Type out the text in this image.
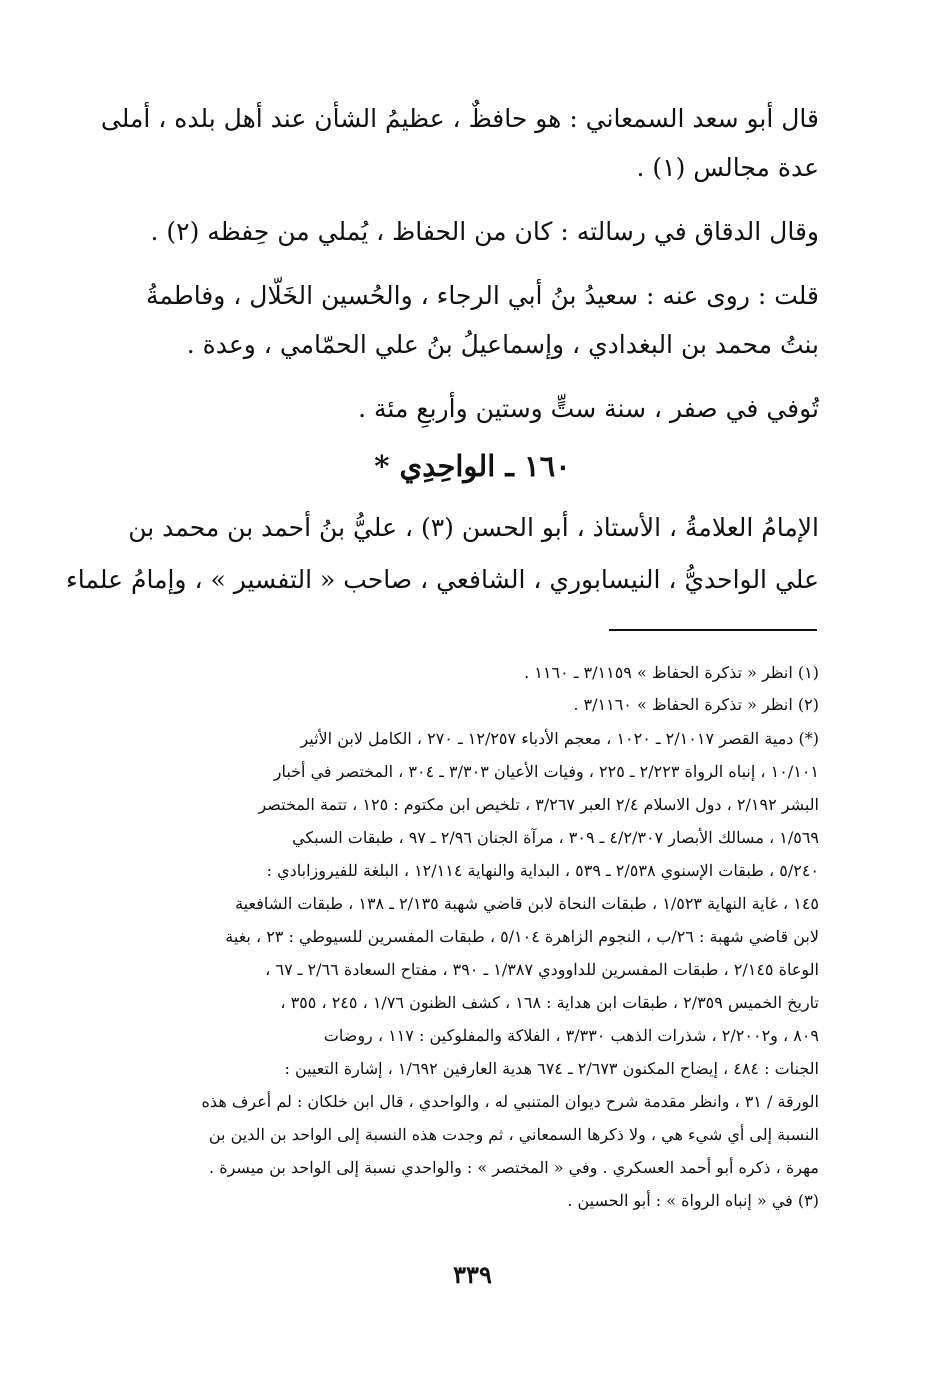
قال أبو سعد السمعاني : هو حافظٌ ، عظيمُ الشأن عند أهل بلده ، أملى
عدة مجالس (١) .
وقال الدقاق في رسالته : كان من الحفاظ ، يُملي من حِفظه (٢) .
قلت : روى عنه : سعيدُ بنُ أبي الرجاء ، والحُسين الخَلّال ، وفاطمةُ
بنتُ محمد بن البغدادي ، وإسماعيلُ بنُ علي الحمّامي ، وعدة .
تُوفي في صفر ، سنة ستٍّ وستين وأربعِ مئة .
١٦٠ ـ الواحِدِي *
الإمامُ العلامةُ ، الأستاذ ، أبو الحسن (٣) ، عليُّ بنُ أحمد بن محمد بن
علي الواحديُّ ، النيسابوري ، الشافعي ، صاحب « التفسير » ، وإمامُ علماء
(١) انظر « تذكرة الحفاظ » ٣/١١٥٩ ـ ١١٦٠ .
(٢) انظر « تذكرة الحفاظ » ٣/١١٦٠ .
(*) دمية القصر ٢/١٠١٧ ـ ١٠٢٠ ، معجم الأدباء ١٢/٢٥٧ ـ ٢٧٠ ، الكامل لابن الأثير
١٠/١٠١ ، إنباه الرواة ٢/٢٢٣ ـ ٢٢٥ ، وفيات الأعيان ٣/٣٠٣ ـ ٣٠٤ ، المختصر في أخبار
البشر ٢/١٩٢ ، دول الاسلام ٢/٤ العبر ٣/٢٦٧ ، تلخيص ابن مكتوم : ١٢٥ ، تتمة المختصر
١/٥٦٩ ، مسالك الأبصار ٤/٢/٣٠٧ ـ ٣٠٩ ، مرآة الجنان ٢/٩٦ ـ ٩٧ ، طبقات السبكي
٥/٢٤٠ ، طبقات الإسنوي ٢/٥٣٨ ـ ٥٣٩ ، البداية والنهاية ١٢/١١٤ ، البلغة للفيروزابادي :
١٤٥ ، غاية النهاية ١/٥٢٣ ، طبقات النحاة لابن قاضي شهبة ٢/١٣٥ ـ ١٣٨ ، طبقات الشافعية
لابن قاضي شهبة : ٢٦/ب ، النجوم الزاهرة ٥/١٠٤ ، طبقات المفسرين للسيوطي : ٢٣ ، بغية
الوعاة ٢/١٤٥ ، طبقات المفسرين للداوودي ١/٣٨٧ ـ ٣٩٠ ، مفتاح السعادة ٢/٦٦ ـ ٦٧ ،
تاريخ الخميس ٢/٣٥٩ ، طبقات ابن هداية : ١٦٨ ، كشف الظنون ١/٧٦ ، ٢٤٥ ، ٣٥٥ ،
٨٠٩ ، و٢/٢٠٠٢ ، شذرات الذهب ٣/٣٣٠ ، الفلاكة والمفلوكين : ١١٧ ، روضات
الجنات : ٤٨٤ ، إيضاح المكنون ٢/٦٧٣ ـ ٦٧٤ هدية العارفين ١/٦٩٢ ، إشارة التعيين :
الورقة / ٣١ ، وانظر مقدمة شرح ديوان المتنبي له ، والواحدي ، قال ابن خلكان : لم أعرف هذه
النسبة إلى أي شيء هي ، ولا ذكرها السمعاني ، ثم وجدت هذه النسبة إلى الواحد بن الدين بن
مهرة ، ذكره أبو أحمد العسكري . وفي « المختصر » : والواحدي نسبة إلى الواحد بن ميسرة .
(٣) في « إنباه الرواة » : أبو الحسين .
٣٣٩
